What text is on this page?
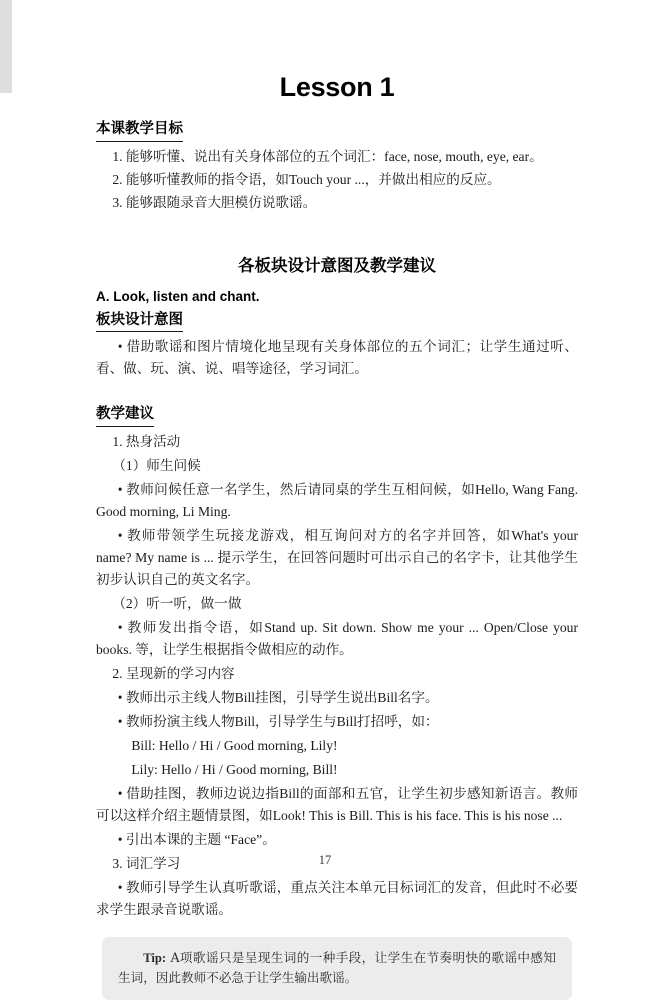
Lesson 1
本课教学目标

1. 能够听懂、说出有关身体部位的五个词汇：face, nose, mouth, eye, ear。

2. 能够听懂教师的指令语，如Touch your ...，并做出相应的反应。

3. 能够跟随录音大胆模仿说歌谣。

各板块设计意图及教学建议
A. Look, listen and chant.
板块设计意图

• 借助歌谣和图片情境化地呈现有关身体部位的五个词汇；让学生通过听、看、做、玩、演、说、唱等途径，学习词汇。

教学建议

1. 热身活动

（1）师生问候

• 教师问候任意一名学生，然后请同桌的学生互相问候，如Hello, Wang Fang. Good morning, Li Ming.

• 教师带领学生玩接龙游戏，相互询问对方的名字并回答，如What's your name? My name is ... 提示学生，在回答问题时可出示自己的名字卡，让其他学生初步认识自己的英文名字。

（2）听一听，做一做

• 教师发出指令语，如Stand up. Sit down. Show me your ... Open/Close your books. 等，让学生根据指令做相应的动作。

2. 呈现新的学习内容

• 教师出示主线人物Bill挂图，引导学生说出Bill名字。

• 教师扮演主线人物Bill，引导学生与Bill打招呼，如：

Bill: Hello / Hi / Good morning, Lily!

Lily: Hello / Hi / Good morning, Bill!

• 借助挂图，教师边说边指Bill的面部和五官，让学生初步感知新语言。教师可以这样介绍主题情景图，如Look! This is Bill. This is his face. This is his nose ...

• 引出本课的主题 “Face”。

3. 词汇学习

• 教师引导学生认真听歌谣，重点关注本单元目标词汇的发音，但此时不必要求学生跟录音说歌谣。

Tip: A项歌谣只是呈现生词的一种手段，让学生在节奏明快的歌谣中感知生词，因此教师不必急于让学生输出歌谣。

17
